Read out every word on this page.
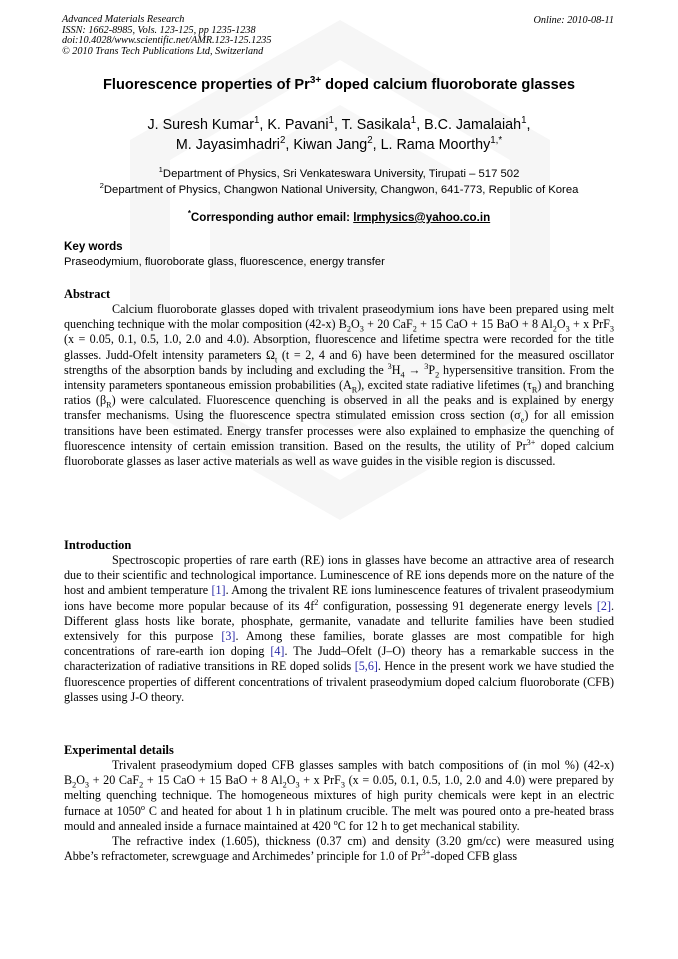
Advanced Materials Research
ISSN: 1662-8985, Vols. 123-125, pp 1235-1238
doi:10.4028/www.scientific.net/AMR.123-125.1235
© 2010 Trans Tech Publications Ltd, Switzerland
Online: 2010-08-11
Fluorescence properties of $Pr^{3+}$ doped calcium fluoroborate glasses
J. Suresh Kumar$^1$, K. Pavani$^1$, T. Sasikala$^1$, B.C. Jamalaiah$^1$,
M. Jayasimhadri$^2$, Kiwan Jang$^2$, L. Rama Moorthy$^{1,*}$
$^1$Department of Physics, Sri Venkateswara University, Tirupati – 517 502
$^2$Department of Physics, Changwon National University, Changwon, 641-773, Republic of Korea
*Corresponding author email: lrmphysics@yahoo.co.in
Key words
Praseodymium, fluoroborate glass, fluorescence, energy transfer
Abstract

Calcium fluoroborate glasses doped with trivalent praseodymium ions have been prepared using melt quenching technique with the molar composition (42-x) $B_2O_3 + 20$ CaF$_2$ + 15 CaO + 15 BaO + 8 $Al_2O_3 + x$ PrF$_3$ (x = 0.05, 0.1, 0.5, 1.0, 2.0 and 4.0). Absorption, fluorescence and lifetime spectra were recorded for the title glasses. Judd-Ofelt intensity parameters $\Omega_t$ (t = 2, 4 and 6) have been determined for the measured oscillator strengths of the absorption bands by including and excluding the $^3H_4 \to ^3P_2$ hypersensitive transition. From the intensity parameters spontaneous emission probabilities $(A_R)$, excited state radiative lifetimes $(\tau_R)$ and branching ratios $(\beta_R)$ were calculated. Fluorescence quenching is observed in all the peaks and is explained by energy transfer mechanisms. Using the fluorescence spectra stimulated emission cross section $(\sigma_e)$ for all emission transitions have been estimated. Energy transfer processes were also explained to emphasize the quenching of fluorescence intensity of certain emission transition. Based on the results, the utility of $Pr^{3+}$ doped calcium fluoroborate glasses as laser active materials as well as wave guides in the visible region is discussed.

Introduction

Spectroscopic properties of rare earth (RE) ions in glasses have become an attractive area of research due to their scientific and technological importance. Luminescence of RE ions depends more on the nature of the host and ambient temperature [1]. Among the trivalent RE ions luminescence features of trivalent praseodymium ions have become more popular because of its $4f^2$ configuration, possessing 91 degenerate energy levels [2]. Different glass hosts like borate, phosphate, germanite, vanadate and tellurite families have been studied extensively for this purpose [3]. Among these families, borate glasses are most compatible for high concentrations of rare-earth ion doping [4]. The Judd–Ofelt (J–O) theory has a remarkable success in the characterization of radiative transitions in RE doped solids [5,6]. Hence in the present work we have studied the fluorescence properties of different concentrations of trivalent praseodymium doped calcium fluoroborate (CFB) glasses using J-O theory.

Experimental details

Trivalent praseodymium doped CFB glasses samples with batch compositions of (in mol %) (42-x) $B_2O_3 + 20$ CaF$_2$ + 15 CaO + 15 BaO + 8 $Al_2O_3 + x$ PrF$_3$ (x = 0.05, 0.1, 0.5, 1.0, 2.0 and 4.0) were prepared by melting quenching technique. The homogeneous mixtures of high purity chemicals were kept in an electric furnace at 1050$^o$ C and heated for about 1 h in platinum crucible. The melt was poured onto a pre-heated brass mould and annealed inside a furnace maintained at 420 $^o$C for 12 h to get mechanical stability.

The refractive index (1.605), thickness (0.37 cm) and density (3.20 gm/cc) were measured using Abbe’s refractometer, screwguage and Archimedes’ principle for 1.0 of $Pr^{3+}$-doped CFB glass
